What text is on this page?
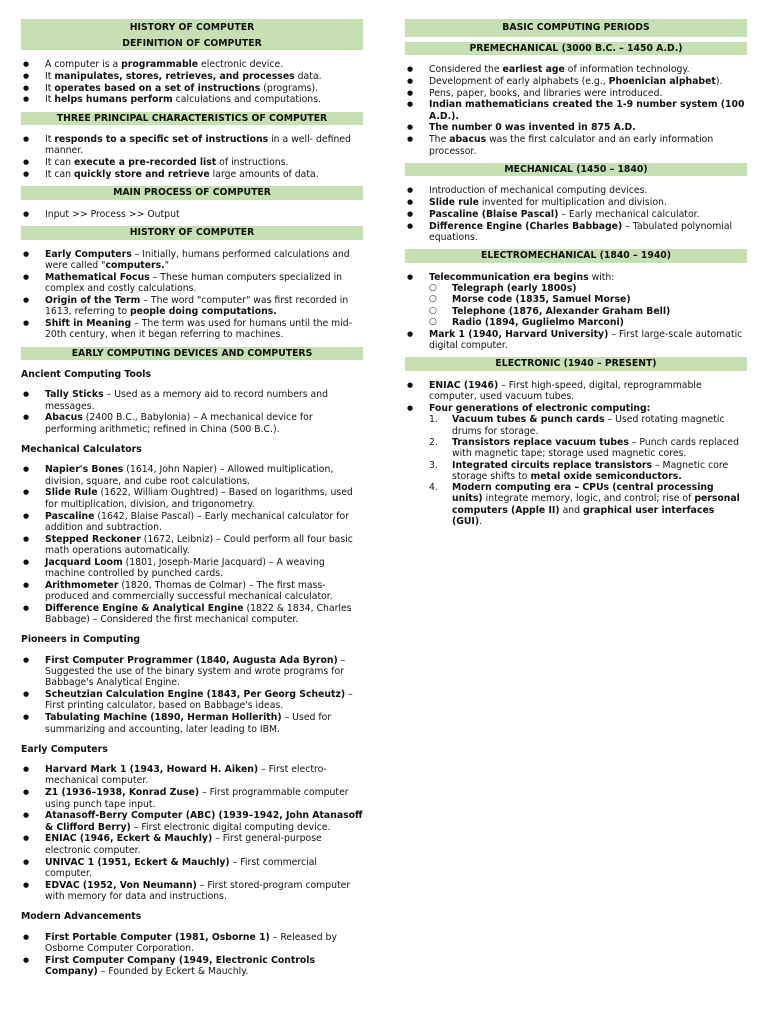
HISTORY OF COMPUTER
DEFINITION OF COMPUTER
● A computer is a programmable electronic device.
● It manipulates, stores, retrieves, and processes data.
● It operates based on a set of instructions (programs).
● It helps humans perform calculations and computations.
THREE PRINCIPAL CHARACTERISTICS OF COMPUTER
● It responds to a specific set of instructions in a well- defined manner.
● It can execute a pre-recorded list of instructions.
● It can quickly store and retrieve large amounts of data.
MAIN PROCESS OF COMPUTER
● Input >> Process >> Output
HISTORY OF COMPUTER
● Early Computers – Initially, humans performed calculations and were called "computers."
● Mathematical Focus – These human computers specialized in complex and costly calculations.
● Origin of the Term – The word "computer" was first recorded in 1613, referring to people doing computations.
● Shift in Meaning – The term was used for humans until the mid-20th century, when it began referring to machines.
EARLY COMPUTING DEVICES AND COMPUTERS
Ancient Computing Tools
● Tally Sticks – Used as a memory aid to record numbers and messages.
● Abacus (2400 B.C., Babylonia) – A mechanical device for performing arithmetic; refined in China (500 B.C.).
Mechanical Calculators
● Napier's Bones (1614, John Napier) – Allowed multiplication, division, square, and cube root calculations.
● Slide Rule (1622, William Oughtred) – Based on logarithms, used for multiplication, division, and trigonometry.
● Pascaline (1642, Blaise Pascal) – Early mechanical calculator for addition and subtraction.
● Stepped Reckoner (1672, Leibniz) – Could perform all four basic math operations automatically.
● Jacquard Loom (1801, Joseph-Marie Jacquard) – A weaving machine controlled by punched cards.
● Arithmometer (1820, Thomas de Colmar) – The first mass-produced and commercially successful mechanical calculator.
● Difference Engine & Analytical Engine (1822 & 1834, Charles Babbage) – Considered the first mechanical computer.
Pioneers in Computing
● First Computer Programmer (1840, Augusta Ada Byron) – Suggested the use of the binary system and wrote programs for Babbage's Analytical Engine.
● Scheutzian Calculation Engine (1843, Per Georg Scheutz) – First printing calculator, based on Babbage's ideas.
● Tabulating Machine (1890, Herman Hollerith) – Used for summarizing and accounting, later leading to IBM.
Early Computers
● Harvard Mark 1 (1943, Howard H. Aiken) – First electro-mechanical computer.
● Z1 (1936–1938, Konrad Zuse) – First programmable computer using punch tape input.
● Atanasoff-Berry Computer (ABC) (1939–1942, John Atanasoff & Clifford Berry) – First electronic digital computing device.
● ENIAC (1946, Eckert & Mauchly) – First general-purpose electronic computer.
● UNIVAC 1 (1951, Eckert & Mauchly) – First commercial computer.
● EDVAC (1952, Von Neumann) – First stored-program computer with memory for data and instructions.
Modern Advancements
● First Portable Computer (1981, Osborne 1) – Released by Osborne Computer Corporation.
● First Computer Company (1949, Electronic Controls Company) – Founded by Eckert & Mauchly.
BASIC COMPUTING PERIODS
PREMECHANICAL (3000 B.C. – 1450 A.D.)
● Considered the earliest age of information technology.
● Development of early alphabets (e.g., Phoenician alphabet).
● Pens, paper, books, and libraries were introduced.
● Indian mathematicians created the 1-9 number system (100 A.D.).
● The number 0 was invented in 875 A.D.
● The abacus was the first calculator and an early information processor.
MECHANICAL (1450 – 1840)
● Introduction of mechanical computing devices.
● Slide rule invented for multiplication and division.
● Pascaline (Blaise Pascal) – Early mechanical calculator.
● Difference Engine (Charles Babbage) – Tabulated polynomial equations.
ELECTROMECHANICAL (1840 – 1940)
● Telecommunication era begins with:
○ Telegraph (early 1800s)
○ Morse code (1835, Samuel Morse)
○ Telephone (1876, Alexander Graham Bell)
○ Radio (1894, Guglielmo Marconi)
● Mark 1 (1940, Harvard University) – First large-scale automatic digital computer.
ELECTRONIC (1940 – PRESENT)
● ENIAC (1946) – First high-speed, digital, reprogrammable computer, used vacuum tubes.
● Four generations of electronic computing:
1. Vacuum tubes & punch cards – Used rotating magnetic drums for storage.
2. Transistors replace vacuum tubes – Punch cards replaced with magnetic tape; storage used magnetic cores.
3. Integrated circuits replace transistors – Magnetic core storage shifts to metal oxide semiconductors.
4. Modern computing era – CPUs (central processing units) integrate memory, logic, and control; rise of personal computers (Apple II) and graphical user interfaces (GUI).
